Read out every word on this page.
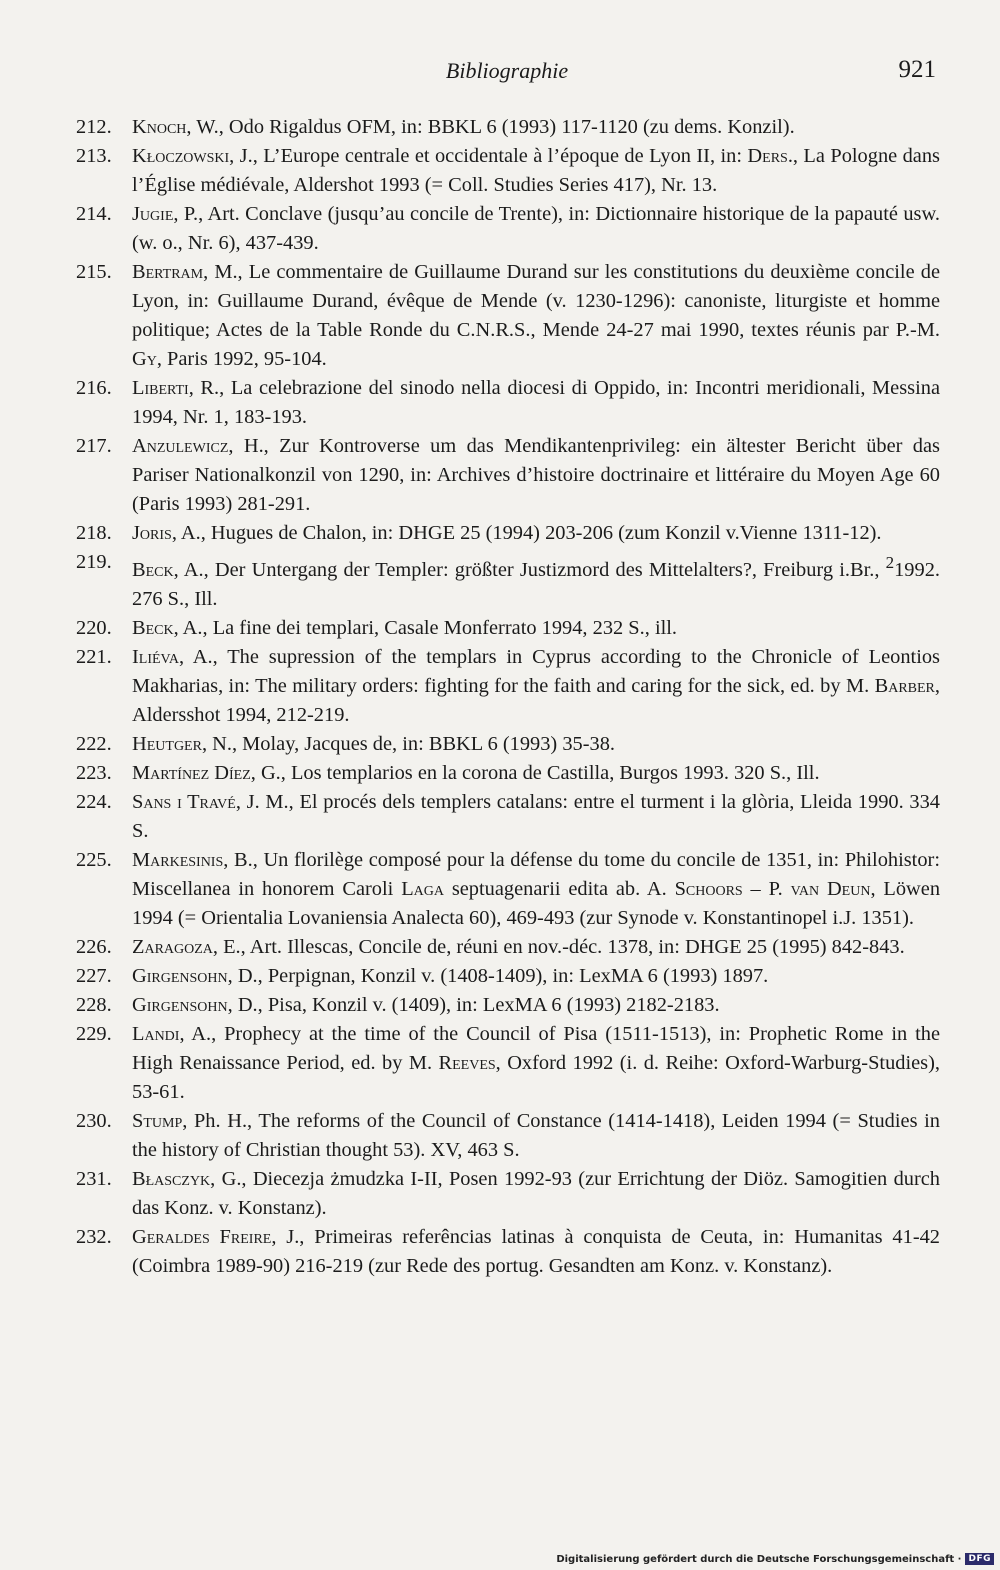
Bibliographie	921

212. Knoch, W., Odo Rigaldus OFM, in: BBKL 6 (1993) 117-1120 (zu dems. Konzil).

213. Kłoczowski, J., L’Europe centrale et occidentale à l’époque de Lyon II, in: Ders., La Pologne dans l’Église médiévale, Aldershot 1993 (= Coll. Studies Series 417), Nr. 13.

214. Jugie, P., Art. Conclave (jusqu’au concile de Trente), in: Dictionnaire historique de la papauté usw. (w. o., Nr. 6), 437-439.

215. Bertram, M., Le commentaire de Guillaume Durand sur les constitutions du deuxième concile de Lyon, in: Guillaume Durand, évêque de Mende (v. 1230-1296): canoniste, liturgiste et homme politique; Actes de la Table Ronde du C.N.R.S., Mende 24-27 mai 1990, textes réunis par P.-M. Gy, Paris 1992, 95-104.

216. Liberti, R., La celebrazione del sinodo nella diocesi di Oppido, in: Incontri meridionali, Messina 1994, Nr. 1, 183-193.

217. Anzulewicz, H., Zur Kontroverse um das Mendikantenprivileg: ein ältester Bericht über das Pariser Nationalkonzil von 1290, in: Archives d’histoire doctrinaire et littéraire du Moyen Age 60 (Paris 1993) 281-291.

218. Joris, A., Hugues de Chalon, in: DHGE 25 (1994) 203-206 (zum Konzil v.Vienne 1311-12).

219. Beck, A., Der Untergang der Templer: größter Justizmord des Mittelalters?, Freiburg i.Br., $^2$1992. 276 S., Ill.

220. Beck, A., La fine dei templari, Casale Monferrato 1994, 232 S., ill.

221. Iliéva, A., The supression of the templars in Cyprus according to the Chronicle of Leontios Makharias, in: The military orders: fighting for the faith and caring for the sick, ed. by M. Barber, Aldersshot 1994, 212-219.

222. Heutger, N., Molay, Jacques de, in: BBKL 6 (1993) 35-38.

223. Martínez Díez, G., Los templarios en la corona de Castilla, Burgos 1993. 320 S., Ill.

224. Sans i Travé, J. M., El procés dels templers catalans: entre el turment i la glòria, Lleida 1990. 334 S.

225. Markesinis, B., Un florilège composé pour la défense du tome du concile de 1351, in: Philohistor: Miscellanea in honorem Caroli Laga septuagenarii edita ab. A. Schoors – P. van Deun, Löwen 1994 (= Orientalia Lovaniensia Analecta 60), 469-493 (zur Synode v. Konstantinopel i.J. 1351).

226. Zaragoza, E., Art. Illescas, Concile de, réuni en nov.-déc. 1378, in: DHGE 25 (1995) 842-843.

227. Girgensohn, D., Perpignan, Konzil v. (1408-1409), in: LexMA 6 (1993) 1897.

228. Girgensohn, D., Pisa, Konzil v. (1409), in: LexMA 6 (1993) 2182-2183.

229. Landi, A., Prophecy at the time of the Council of Pisa (1511-1513), in: Prophetic Rome in the High Renaissance Period, ed. by M. Reeves, Oxford 1992 (i. d. Reihe: Oxford-Warburg-Studies), 53-61.

230. Stump, Ph. H., The reforms of the Council of Constance (1414-1418), Leiden 1994 (= Studies in the history of Christian thought 53). XV, 463 S.

231. Błasczyk, G., Diecezja żmudzka I-II, Posen 1992-93 (zur Errichtung der Diöz. Samogitien durch das Konz. v. Konstanz).

232. Geraldes Freire, J., Primeiras referências latinas à conquista de Ceuta, in: Humanitas 41-42 (Coimbra 1989-90) 216-219 (zur Rede des portug. Gesandten am Konz. v. Konstanz).

Digitalisierung gefördert durch die Deutsche Forschungsgemeinschaft · DFG
